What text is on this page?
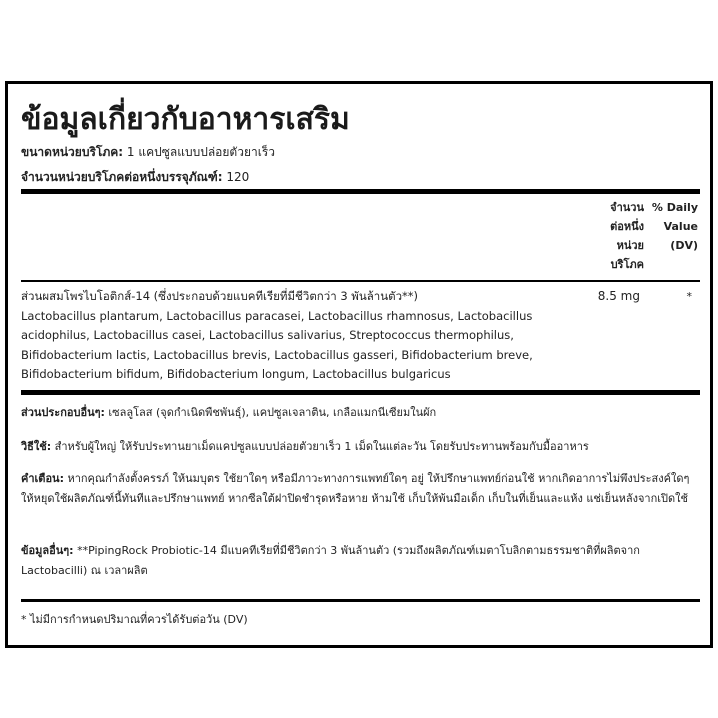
ข้อมูลเกี่ยวกับอาหารเสริม
ขนาดหน่วยบริโภค: 1 แคปซูลแบบปล่อยตัวยาเร็ว
จำนวนหน่วยบริโภคต่อหนึ่งบรรจุภัณฑ์: 120
จำนวน
ต่อหนึ่ง
หน่วย
บริโภค
% Daily
Value
(DV)
ส่วนผสมโพรไบโอติกส์-14 (ซึ่งประกอบด้วยแบคทีเรียที่มีชีวิตกว่า 3 พันล้านตัว**)
Lactobacillus plantarum, Lactobacillus paracasei, Lactobacillus rhamnosus, Lactobacillus acidophilus, Lactobacillus casei, Lactobacillus salivarius, Streptococcus thermophilus, Bifidobacterium lactis, Lactobacillus brevis, Lactobacillus gasseri, Bifidobacterium breve, Bifidobacterium bifidum, Bifidobacterium longum, Lactobacillus bulgaricus
8.5 mg	*
ส่วนประกอบอื่นๆ: เซลลูโลส (จุดกำเนิดพืชพันธุ์), แคปซูลเจลาติน, เกลือแมกนีเซียมในผัก
วิธีใช้: สำหรับผู้ใหญ่ ให้รับประทานยาเม็ดแคปซูลแบบปล่อยตัวยาเร็ว 1 เม็ดในแต่ละวัน โดยรับประทานพร้อมกับมื้ออาหาร
คำเตือน: หากคุณกำลังตั้งครรภ์ ให้นมบุตร ใช้ยาใดๆ หรือมีภาวะทางการแพทย์ใดๆ อยู่ ให้ปรึกษาแพทย์ก่อนใช้ หากเกิดอาการไม่พึงประสงค์ใดๆ ให้หยุดใช้ผลิตภัณฑ์นี้ทันทีและปรึกษาแพทย์ หากซีลใต้ฝาปิดชำรุดหรือหาย ห้ามใช้ เก็บให้พ้นมือเด็ก เก็บในที่เย็นและแห้ง แช่เย็นหลังจากเปิดใช้
ข้อมูลอื่นๆ: **PipingRock Probiotic-14 มีแบคทีเรียที่มีชีวิตกว่า 3 พันล้านตัว (รวมถึงผลิตภัณฑ์เมตาโบลิกตามธรรมชาติที่ผลิตจาก Lactobacilli) ณ เวลาผลิต
* ไม่มีการกำหนดปริมาณที่ควรได้รับต่อวัน (DV)
